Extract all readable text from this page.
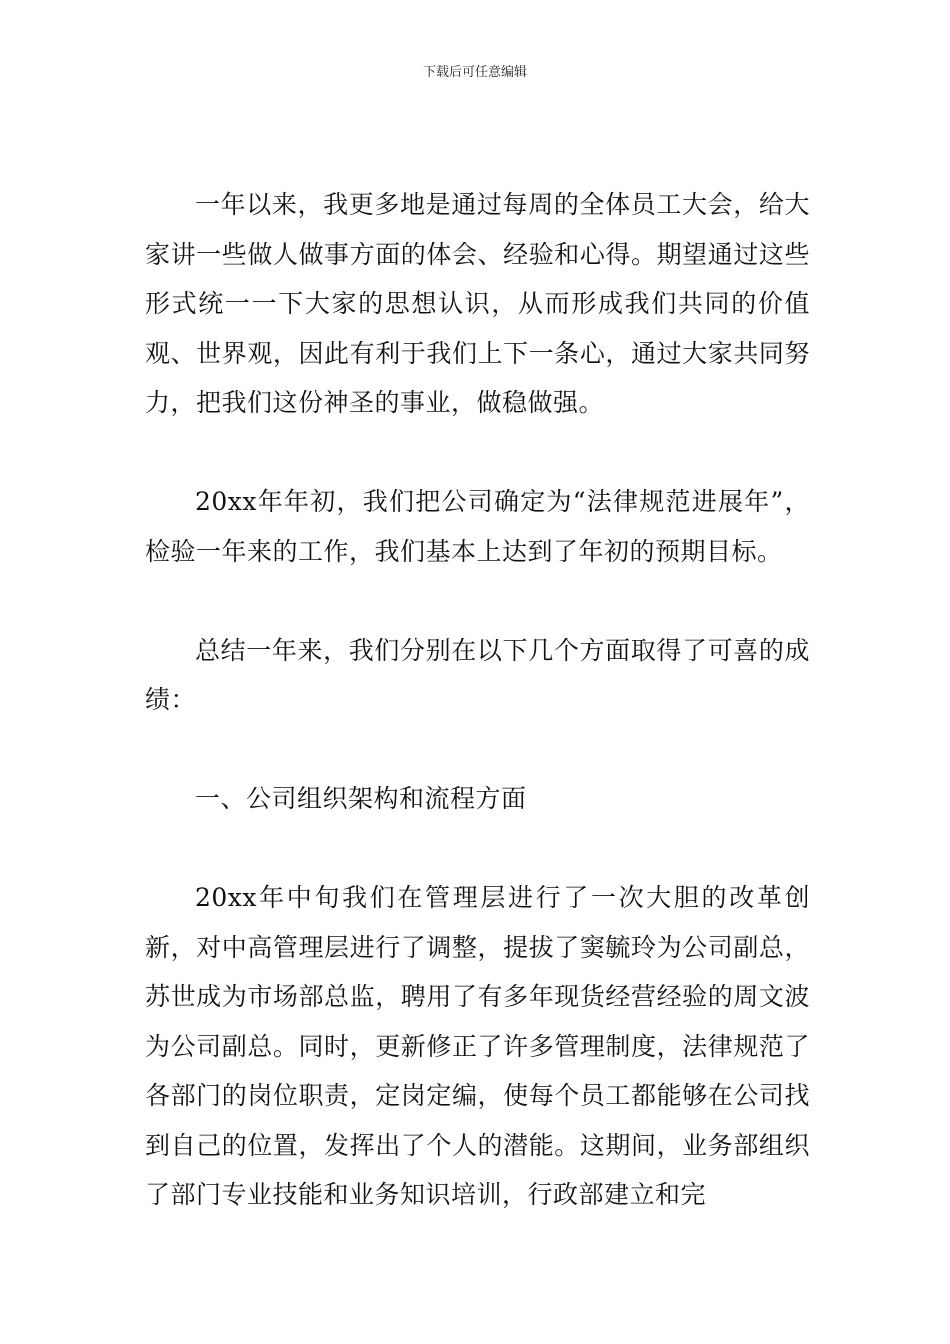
下载后可任意编辑

一年以来，我更多地是通过每周的全体员工大会，给大家讲一些做人做事方面的体会、经验和心得。期望通过这些形式统一一下大家的思想认识，从而形成我们共同的价值观、世界观，因此有利于我们上下一条心，通过大家共同努力，把我们这份神圣的事业，做稳做强。

20xx年年初，我们把公司确定为“法律规范进展年”，检验一年来的工作，我们基本上达到了年初的预期目标。

总结一年来，我们分别在以下几个方面取得了可喜的成绩：

一、公司组织架构和流程方面

20xx年中旬我们在管理层进行了一次大胆的改革创新，对中高管理层进行了调整，提拔了窦毓玲为公司副总，苏世成为市场部总监，聘用了有多年现货经营经验的周文波为公司副总。同时，更新修正了许多管理制度，法律规范了各部门的岗位职责，定岗定编，使每个员工都能够在公司找到自己的位置，发挥出了个人的潜能。这期间，业务部组织了部门专业技能和业务知识培训，行政部建立和完
